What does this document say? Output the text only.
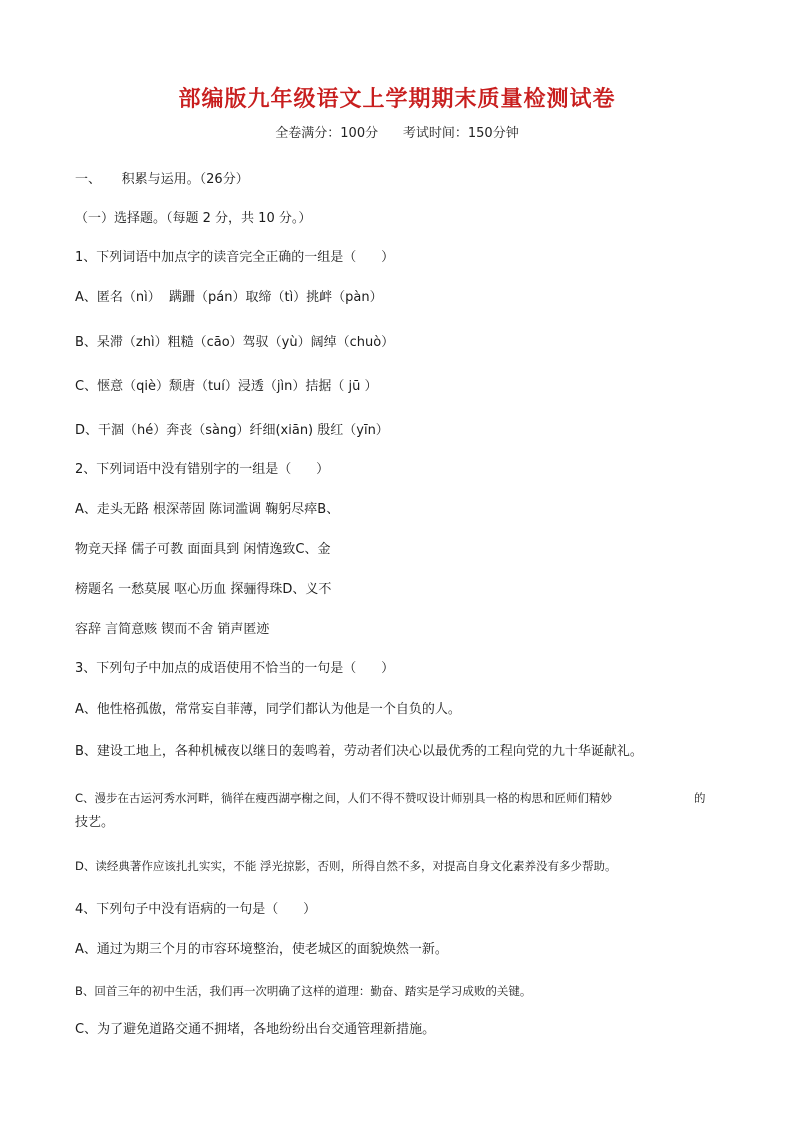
部编版九年级语文上学期期末质量检测试卷
全卷满分：100分      考试时间：150分钟
一、     积累与运用。（26分）
（一）选择题。（每题 2 分，共 10 分。）
1、下列词语中加点字的读音完全正确的一组是（      ）
A、匿名（nì）  蹒跚（pán）取缔（tì）挑衅（pàn）
B、呆滞（zhì）粗糙（cāo）驾驭（yù）阔绰（chuò）
C、惬意（qiè）颓唐（tuí）浸透（jìn）拮据（ jū ）
D、干涸（hé）奔丧（sàng）纤细(xiān) 殷红（yīn）
2、下列词语中没有错别字的一组是（      ）
A、走头无路 根深蒂固 陈词滥调 鞠躬尽瘁B、
物竞天择 儒子可教 面面具到 闲情逸致C、金
榜题名 一愁莫展 呕心历血 探骊得珠D、义不
容辞 言简意赅 锲而不舍 销声匿迹
3、下列句子中加点的成语使用不恰当的一句是（      ）
A、他性格孤傲，常常妄自菲薄，同学们都认为他是一个自负的人。
B、建设工地上，各种机械夜以继日的轰鸣着，劳动者们决心以最优秀的工程向党的九十华诞献礼。
C、漫步在古运河秀水河畔，徜徉在瘦西湖亭榭之间，人们不得不赞叹设计师别具一格的构思和匠师们精妙	的
技艺。
D、读经典著作应该扎扎实实，不能 浮光掠影，否则，所得自然不多，对提高自身文化素养没有多少帮助。
4、下列句子中没有语病的一句是（      ）
A、通过为期三个月的市容环境整治，使老城区的面貌焕然一新。
B、回首三年的初中生活，我们再一次明确了这样的道理：勤奋、踏实是学习成败的关键。
C、为了避免道路交通不拥堵，各地纷纷出台交通管理新措施。
